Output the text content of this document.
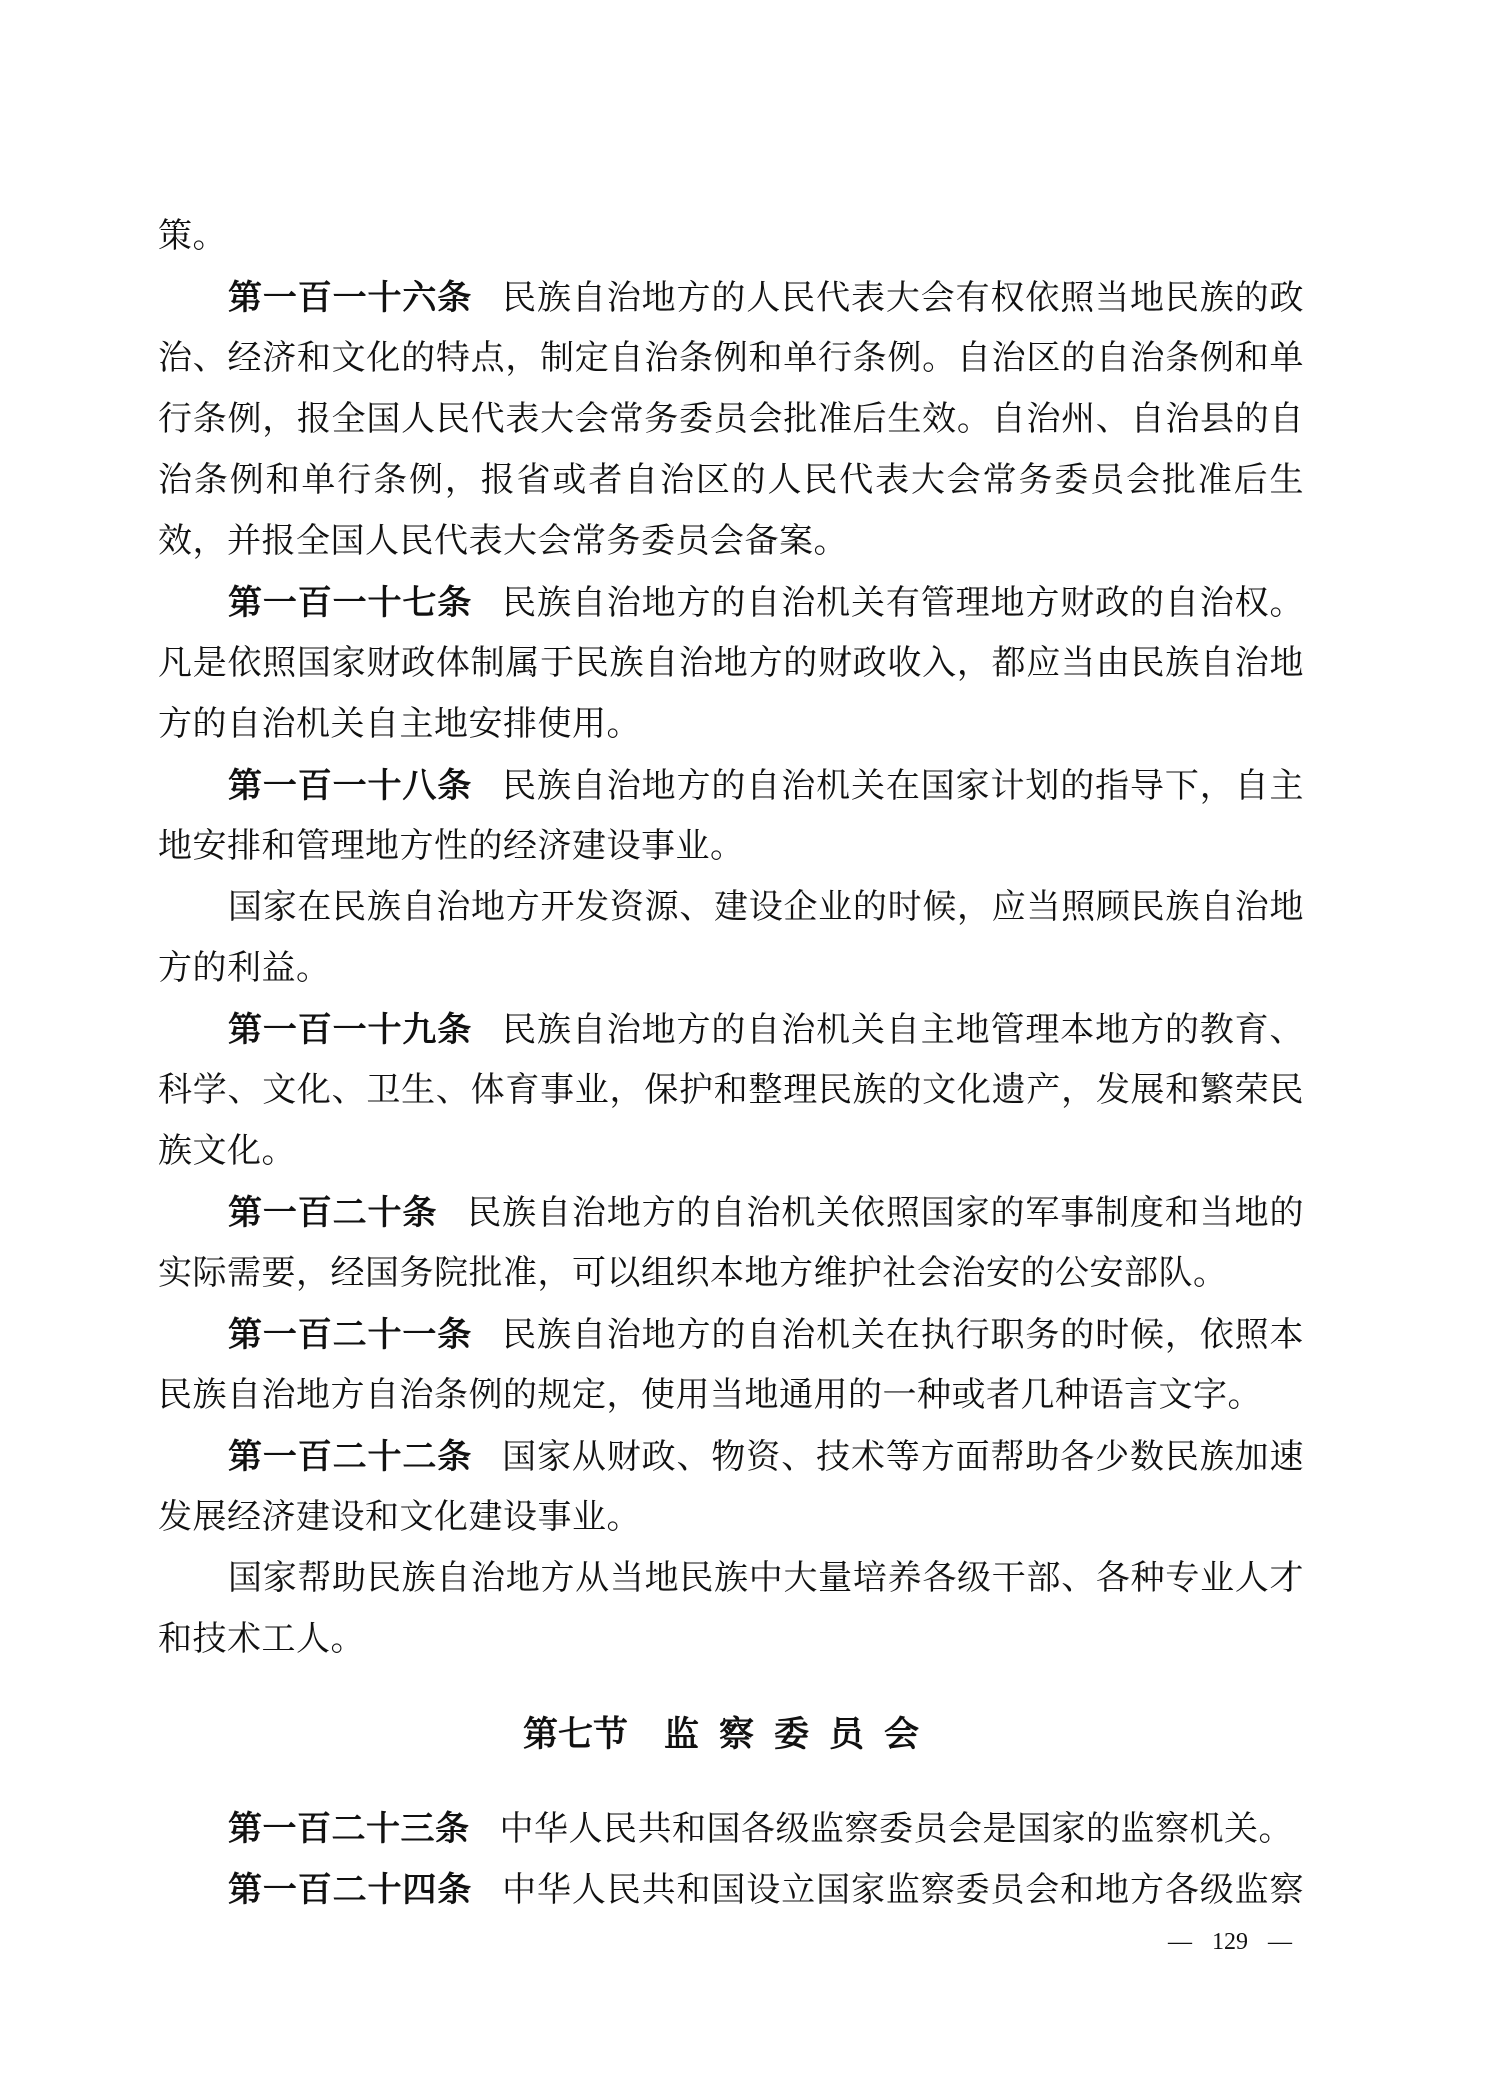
策。
第一百一十六条 民族自治地方的人民代表大会有权依照当地民族的政
治、经济和文化的特点，制定自治条例和单行条例。自治区的自治条例和单
行条例，报全国人民代表大会常务委员会批准后生效。自治州、自治县的自
治条例和单行条例，报省或者自治区的人民代表大会常务委员会批准后生
效，并报全国人民代表大会常务委员会备案。
第一百一十七条 民族自治地方的自治机关有管理地方财政的自治权。
凡是依照国家财政体制属于民族自治地方的财政收入，都应当由民族自治地
方的自治机关自主地安排使用。
第一百一十八条 民族自治地方的自治机关在国家计划的指导下，自主
地安排和管理地方性的经济建设事业。
国家在民族自治地方开发资源、建设企业的时候，应当照顾民族自治地
方的利益。
第一百一十九条 民族自治地方的自治机关自主地管理本地方的教育、
科学、文化、卫生、体育事业，保护和整理民族的文化遗产，发展和繁荣民
族文化。
第一百二十条 民族自治地方的自治机关依照国家的军事制度和当地的
实际需要，经国务院批准，可以组织本地方维护社会治安的公安部队。
第一百二十一条 民族自治地方的自治机关在执行职务的时候，依照本
民族自治地方自治条例的规定，使用当地通用的一种或者几种语言文字。
第一百二十二条 国家从财政、物资、技术等方面帮助各少数民族加速
发展经济建设和文化建设事业。
国家帮助民族自治地方从当地民族中大量培养各级干部、各种专业人才
和技术工人。
第七节 监察委员会
第一百二十三条 中华人民共和国各级监察委员会是国家的监察机关。
第一百二十四条 中华人民共和国设立国家监察委员会和地方各级监察
— 129 —
